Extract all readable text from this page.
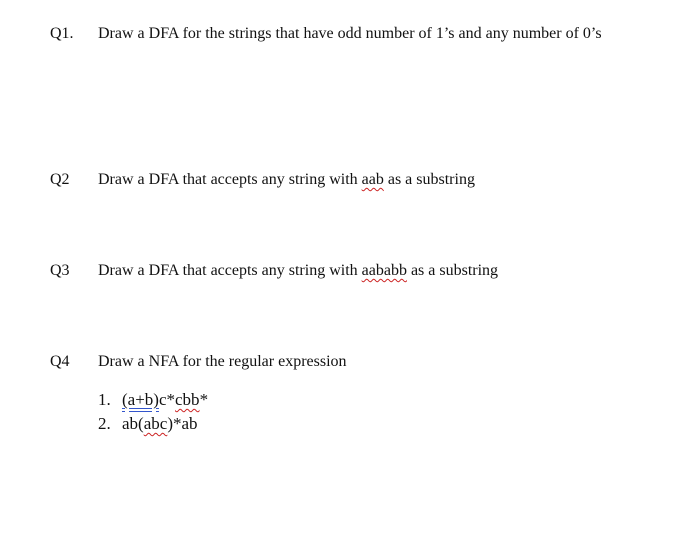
Q1. Draw a DFA for the strings that have odd number of 1’s and any number of 0’s
Q2 Draw a DFA that accepts any string with aab as a substring
Q3 Draw a DFA that accepts any string with aababb as a substring
Q4 Draw a NFA for the regular expression
1. (a+b)c*cbb*
2. ab(abc)*ab
